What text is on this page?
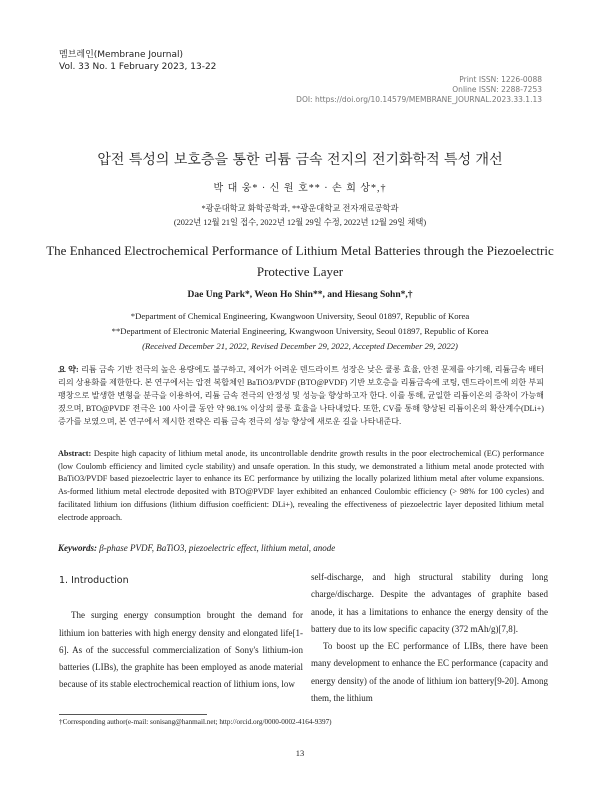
멤브레인(Membrane Journal)
Vol. 33 No. 1 February 2023, 13-22
Print ISSN: 1226-0088
Online ISSN: 2288-7253
DOI: https://doi.org/10.14579/MEMBRANE_JOURNAL.2023.33.1.13
압전 특성의 보호층을 통한 리튬 금속 전지의 전기화학적 특성 개선
박 대 웅* · 신 원 호** · 손 희 상*,†
*광운대학교 화학공학과, **광운대학교 전자재료공학과
(2022년 12월 21일 접수, 2022년 12월 29일 수정, 2022년 12월 29일 채택)
The Enhanced Electrochemical Performance of Lithium Metal Batteries through the Piezoelectric Protective Layer
Dae Ung Park*, Weon Ho Shin**, and Hiesang Sohn*,†
*Department of Chemical Engineering, Kwangwoon University, Seoul 01897, Republic of Korea
**Department of Electronic Material Engineering, Kwangwoon University, Seoul 01897, Republic of Korea
(Received December 21, 2022, Revised December 29, 2022, Accepted December 29, 2022)
요 약: 리튬 금속 기반 전극의 높은 용량에도 불구하고, 제어가 어려운 덴드라이트 성장은 낮은 쿨롱 효율, 안전 문제를 야기해, 리튬금속 배터리의 상용화를 제한한다. 본 연구에서는 압전 복합체인 BaTiO3/PVDF (BTO@PVDF) 기반 보호층을 리튬금속에 코팅, 덴드라이트에 의한 부피팽창으로 발생한 변형을 분극을 이용하여, 리튬 금속 전극의 안정성 및 성능을 향상하고자 한다. 이를 통해, 균일한 리튬이온의 증착이 가능해졌으며, BTO@PVDF 전극은 100 사이클 동안 약 98.1% 이상의 쿨롱 효율을 나타내었다. 또한, CV를 통해 향상된 리튬이온의 확산계수(DLi+) 증가를 보였으며, 본 연구에서 제시한 전략은 리튬 금속 전극의 성능 향상에 새로운 길을 나타내준다.
Abstract: Despite high capacity of lithium metal anode, its uncontrollable dendrite growth results in the poor electrochemical (EC) performance (low Coulomb efficiency and limited cycle stability) and unsafe operation. In this study, we demonstrated a lithium metal anode protected with BaTiO3/PVDF based piezoelectric layer to enhance its EC performance by utilizing the locally polarized lithium metal after volume expansions. As-formed lithium metal electrode deposited with BTO@PVDF layer exhibited an enhanced Coulombic efficiency (> 98% for 100 cycles) and facilitated lithium ion diffusions (lithium diffusion coefficient: DLi+), revealing the effectiveness of piezoelectric layer deposited lithium metal electrode approach.
Keywords: β-phase PVDF, BaTiO3, piezoelectric effect, lithium metal, anode
1. Introduction

The surging energy consumption brought the demand for lithium ion batteries with high energy density and elongated life[1-6]. As of the successful commercialization of Sony's lithium-ion batteries (LIBs), the graphite has been employed as anode material because of its stable electrochemical reaction of lithium ions, low

self-discharge, and high structural stability during long charge/discharge. Despite the advantages of graphite based anode, it has a limitations to enhance the energy density of the battery due to its low specific capacity (372 mAh/g)[7,8].

To boost up the EC performance of LIBs, there have been many development to enhance the EC performance (capacity and energy density) of the anode of lithium ion battery[9-20]. Among them, the lithium

†Corresponding author(e-mail: sonisang@hanmail.net; http://orcid.org/0000-0002-4164-9397)
13
